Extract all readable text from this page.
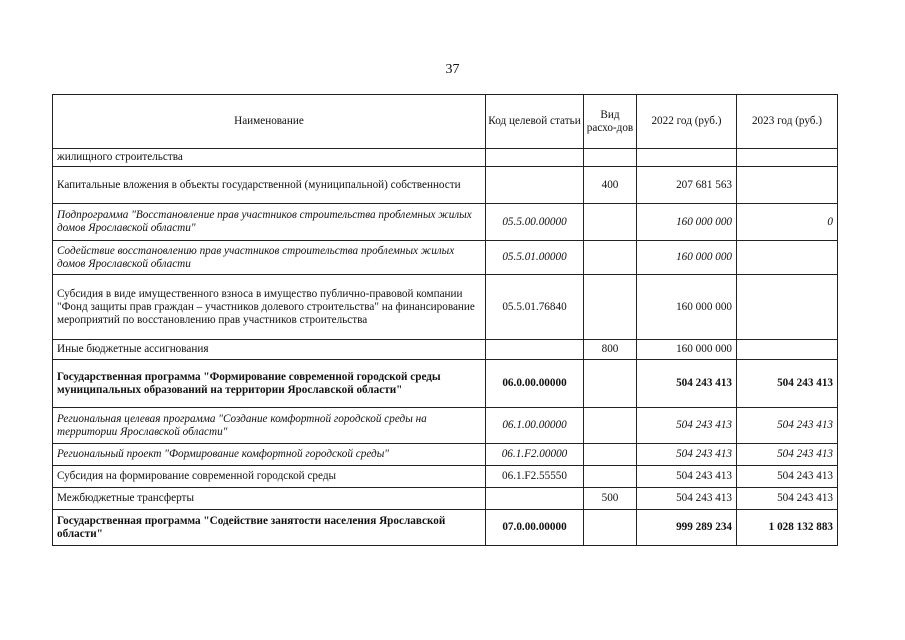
37
Наименование	Код целевой статьи	Вид расхо-дов	2022 год (руб.)	2023 год (руб.)
жилищного строительства				
Капитальные вложения в объекты государственной (муниципальной) собственности		400	207 681 563	
Подпрограмма "Восстановление прав участников строительства проблемных жилых домов Ярославской области"	05.5.00.00000		160 000 000	0
Содействие восстановлению прав участников строительства проблемных жилых домов Ярославской области	05.5.01.00000		160 000 000	
Субсидия в виде имущественного взноса в имущество публично-правовой компании "Фонд защиты прав граждан – участников долевого строительства" на финансирование мероприятий по восстановлению прав участников строительства	05.5.01.76840		160 000 000	
Иные бюджетные ассигнования		800	160 000 000	
Государственная программа "Формирование современной городской среды муниципальных образований на территории Ярославской области"	06.0.00.00000		504 243 413	504 243 413
Региональная целевая программа "Создание комфортной городской среды на территории Ярославской области"	06.1.00.00000		504 243 413	504 243 413
Региональный проект "Формирование комфортной городской среды"	06.1.F2.00000		504 243 413	504 243 413
Субсидия на формирование современной городской среды	06.1.F2.55550		504 243 413	504 243 413
Межбюджетные трансферты		500	504 243 413	504 243 413
Государственная программа "Содействие занятости населения Ярославской области"	07.0.00.00000		999 289 234	1 028 132 883
